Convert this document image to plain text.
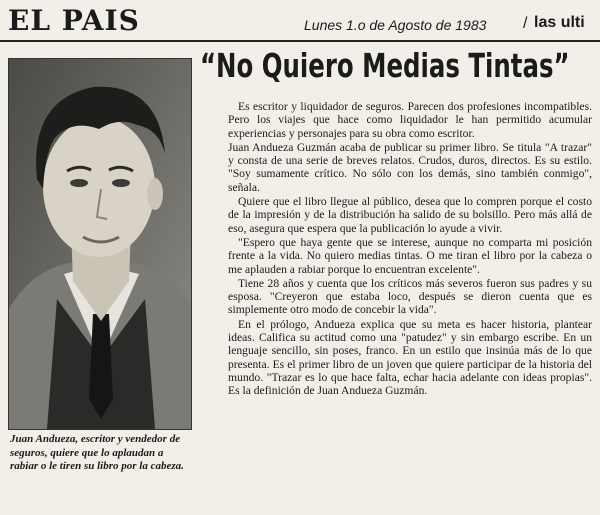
EL PAIS	Lunes 1.o de Agosto de 1983 / las ulti

Juan Andueza, escritor y vendedor de seguros, quiere que lo aplaudan a rabiar o le tiren su libro por la cabeza.

“No Quiero Medias Tintas”

Es escritor y liquidador de seguros. Parecen dos profesiones incompatibles. Pero los viajes que hace como liquidador le han permitido acumular experiencias y personajes para su obra como escritor.

Juan Andueza Guzmán acaba de publicar su primer libro. Se titula "A trazar" y consta de una serie de breves relatos. Crudos, duros, directos. Es su estilo. "Soy sumamente crítico. No sólo con los demás, sino también conmigo", señala.

Quiere que el libro llegue al público, desea que lo compren porque el costo de la impresión y de la distribución ha salido de su bolsillo. Pero más allá de eso, asegura que espera que la publicación lo ayude a vivir.

"Espero que haya gente que se interese, aunque no comparta mi posición frente a la vida. No quiero medias tintas. O me tiran el libro por la cabeza o me aplauden a rabiar porque lo encuentran excelente".

Tiene 28 años y cuenta que los críticos más severos fueron sus padres y su esposa. "Creyeron que estaba loco, después se dieron cuenta que es simplemente otro modo de concebir la vida".

En el prólogo, Andueza explica que su meta es hacer historia, plantear ideas. Califica su actitud como una "patudez" y sin embargo escribe. En un lenguaje sencillo, sin poses, franco. En un estilo que insinúa más de lo que presenta. Es el primer libro de un joven que quiere participar de la historia del mundo. "Trazar es lo que hace falta, echar hacia adelante con ideas propias". Es la definición de Juan Andueza Guzmán.
